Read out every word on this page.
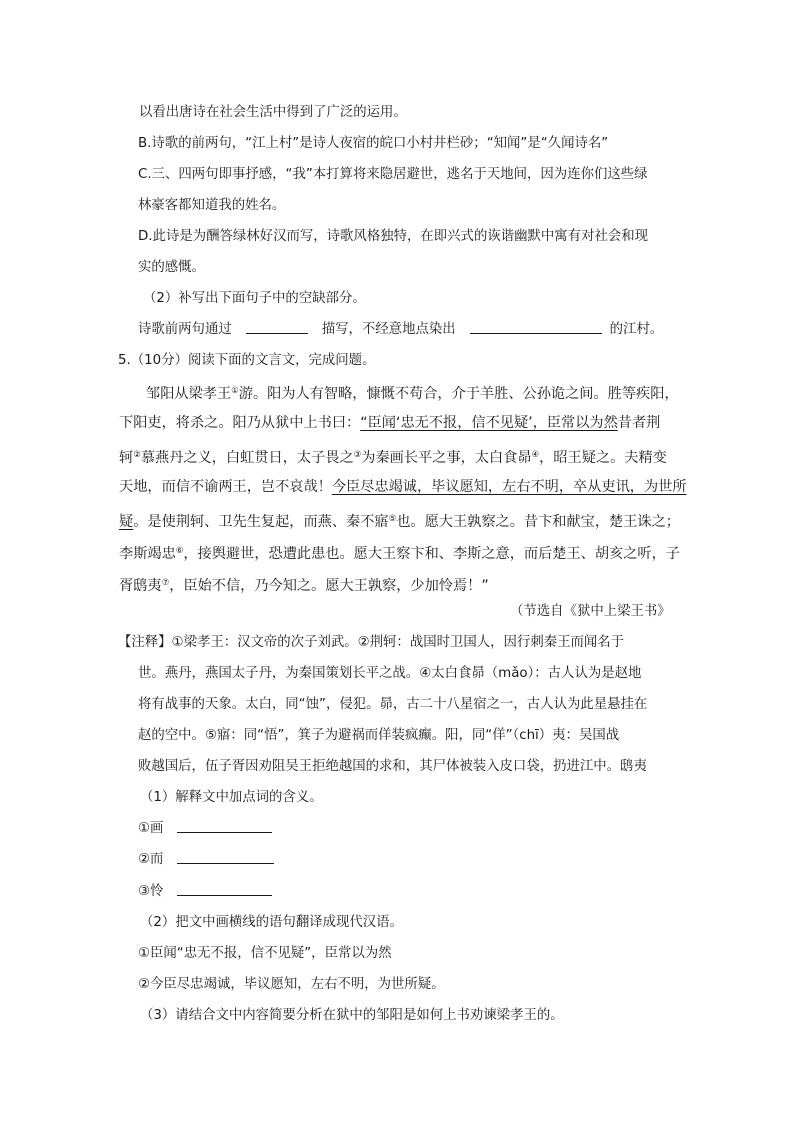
以看出唐诗在社会生活中得到了广泛的运用。
B.诗歌的前两句，“江上村”是诗人夜宿的皖口小村井栏砂；“知闻”是“久闻诗名”
C.三、四两句即事抒感，“我”本打算将来隐居避世，逃名于天地间，因为连你们这些绿
林豪客都知道我的姓名。
D.此诗是为酬答绿林好汉而写，诗歌风格独特，在即兴式的诙谐幽默中寓有对社会和现
实的感慨。
（2）补写出下面句子中的空缺部分。
诗歌前两句通过	描写，不经意地点染出	的江村。
5.（10分）阅读下面的文言文，完成问题。
邹阳从梁孝王①游。阳为人有智略，慷慨不苟合，介于羊胜、公孙诡之间。胜等疾阳，
下阳吏，将杀之。阳乃从狱中上书曰：“臣闻‘忠无不报，信不见疑’，臣常以为然昔者荆
轲②慕燕丹之义，白虹贯日，太子畏之③为秦画长平之事，太白食昴④，昭王疑之。夫精变
天地，而信不谕两王，岂不哀哉！今臣尽忠竭诚，毕议愿知，左右不明，卒从吏讯，为世所
疑。是使荆轲、卫先生复起，而燕、秦不寤⑤也。愿大王孰察之。昔卞和献宝，楚王诛之；
李斯竭忠⑥，接舆避世，恐遭此患也。愿大王察卞和、李斯之意，而后楚王、胡亥之听，子
胥鸱夷⑦，臣始不信，乃今知之。愿大王孰察，少加怜焉！”
（节选自《狱中上梁王书》
【注释】①梁孝王：汉文帝的次子刘武。②荆轲：战国时卫国人，因行刺秦王而闻名于
世。燕丹，燕国太子丹，为秦国策划长平之战。④太白食昴（mǎo）：古人认为是赵地
将有战事的天象。太白，同“蚀”，侵犯。昴，古二十八星宿之一，古人认为此星悬挂在
赵的空中。⑤寤：同“悟”，箕子为避祸而佯装疯癫。阳，同“佯”（chī）夷：吴国战
败越国后，伍子胥因劝阻吴王拒绝越国的求和，其尸体被装入皮口袋，扔进江中。鸱夷
（1）解释文中加点词的含义。
①画
②而
③怜
（2）把文中画横线的语句翻译成现代汉语。
①臣闻“忠无不报，信不见疑”，臣常以为然
②今臣尽忠竭诚，毕议愿知，左右不明，为世所疑。
（3）请结合文中内容简要分析在狱中的邹阳是如何上书劝谏梁孝王的。
